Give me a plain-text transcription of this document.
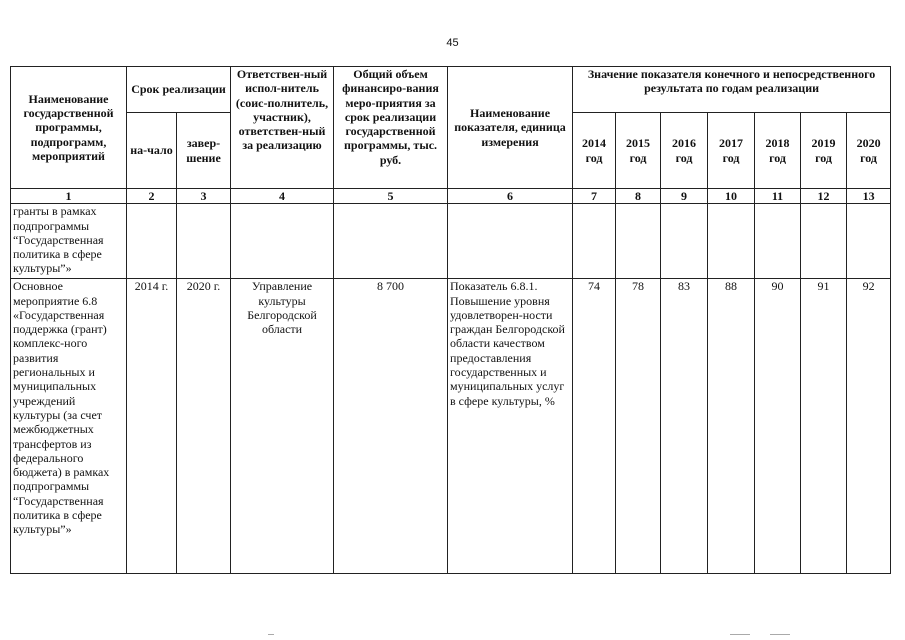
45
Наименование государственной программы, подпрограмм, мероприятий	Срок реализации		Ответствен-ный испол-нитель (соис-полнитель, участник), ответствен-ный за реализацию	Общий объем финансиро-вания меро-приятия за срок реализации государственной программы, тыс. руб.	Наименование показателя, единица измерения	Значение показателя конечного и непосредственного результата по годам реализации						
	на-чало	завер-шение				2014 год	2015 год	2016 год	2017 год	2018 год	2019 год	2020 год
1	2	3	4	5	6	7	8	9	10	11	12	13
гранты в рамках подпрограммы “Государственная политика в сфере культуры”»												
Основное мероприятие 6.8 «Государственная поддержка (грант) комплекс-ного развития региональных и муниципальных учреждений культуры (за счет межбюджетных трансфертов из федерального бюджета) в рамках подпрограммы “Государственная политика в сфере культуры”»	2014 г.	2020 г.	Управление культуры Белгородской области	8 700	Показатель 6.8.1. Повышение уровня удовлетворен-ности граждан Белгородской области качеством предоставления государственных и муниципальных услуг в сфере культуры, %	74	78	83	88	90	91	92
